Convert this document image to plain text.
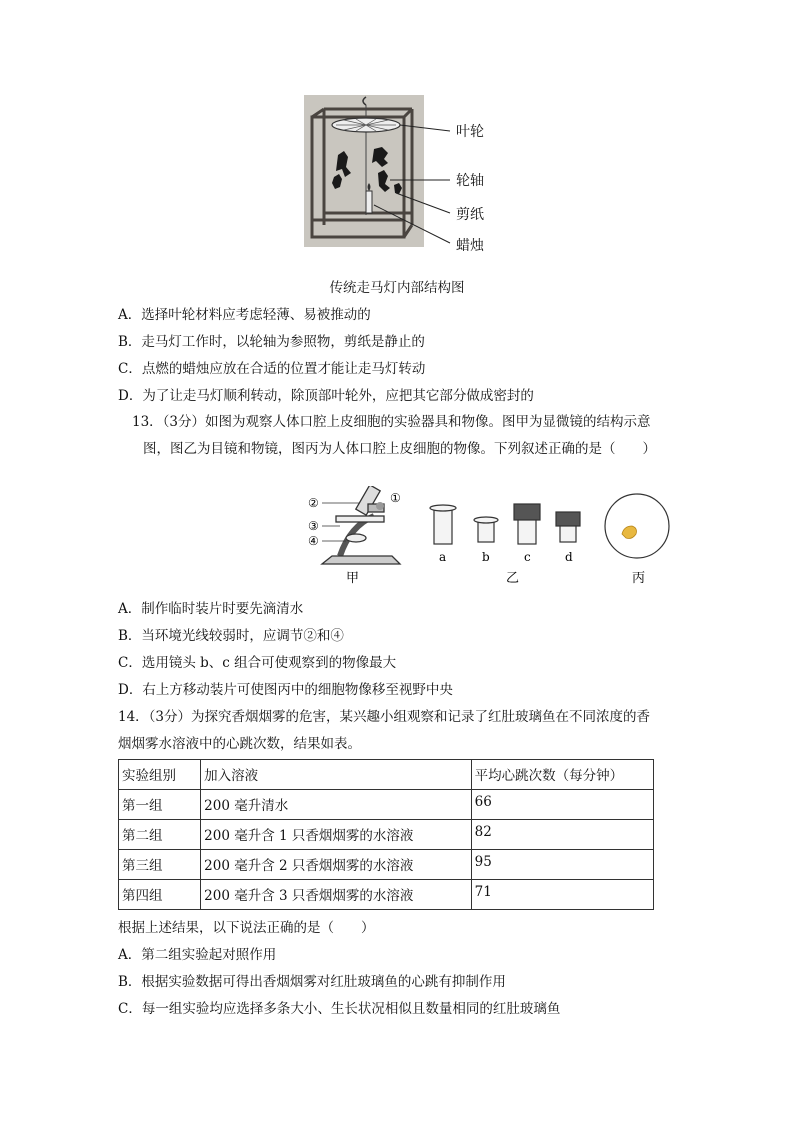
叶轮
轮轴
剪纸
蜡烛
传统走马灯内部结构图
A．选择叶轮材料应考虑轻薄、易被推动的
B．走马灯工作时，以轮轴为参照物，剪纸是静止的
C．点燃的蜡烛应放在合适的位置才能让走马灯转动
D．为了让走马灯顺利转动，除顶部叶轮外，应把其它部分做成密封的
13．（3分）如图为观察人体口腔上皮细胞的实验器具和物像。图甲为显微镜的结构示意
图，图乙为目镜和物镜，图丙为人体口腔上皮细胞的物像。下列叙述正确的是（　　）
①
②
③
④
甲
a	b	c	d
乙	丙
A．制作临时装片时要先滴清水
B．当环境光线较弱时，应调节②和④
C．选用镜头 b、c 组合可使观察到的物像最大
D．右上方移动装片可使图丙中的细胞物像移至视野中央
14．（3分）为探究香烟烟雾的危害，某兴趣小组观察和记录了红肚玻璃鱼在不同浓度的香
烟烟雾水溶液中的心跳次数，结果如表。
实验组别	加入溶液	平均心跳次数（每分钟）
第一组	200 毫升清水	66
第二组	200 毫升含 1 只香烟烟雾的水溶液	82
第三组	200 毫升含 2 只香烟烟雾的水溶液	95
第四组	200 毫升含 3 只香烟烟雾的水溶液	71
根据上述结果，以下说法正确的是（　　）
A．第二组实验起对照作用
B．根据实验数据可得出香烟烟雾对红肚玻璃鱼的心跳有抑制作用
C．每一组实验均应选择多条大小、生长状况相似且数量相同的红肚玻璃鱼
